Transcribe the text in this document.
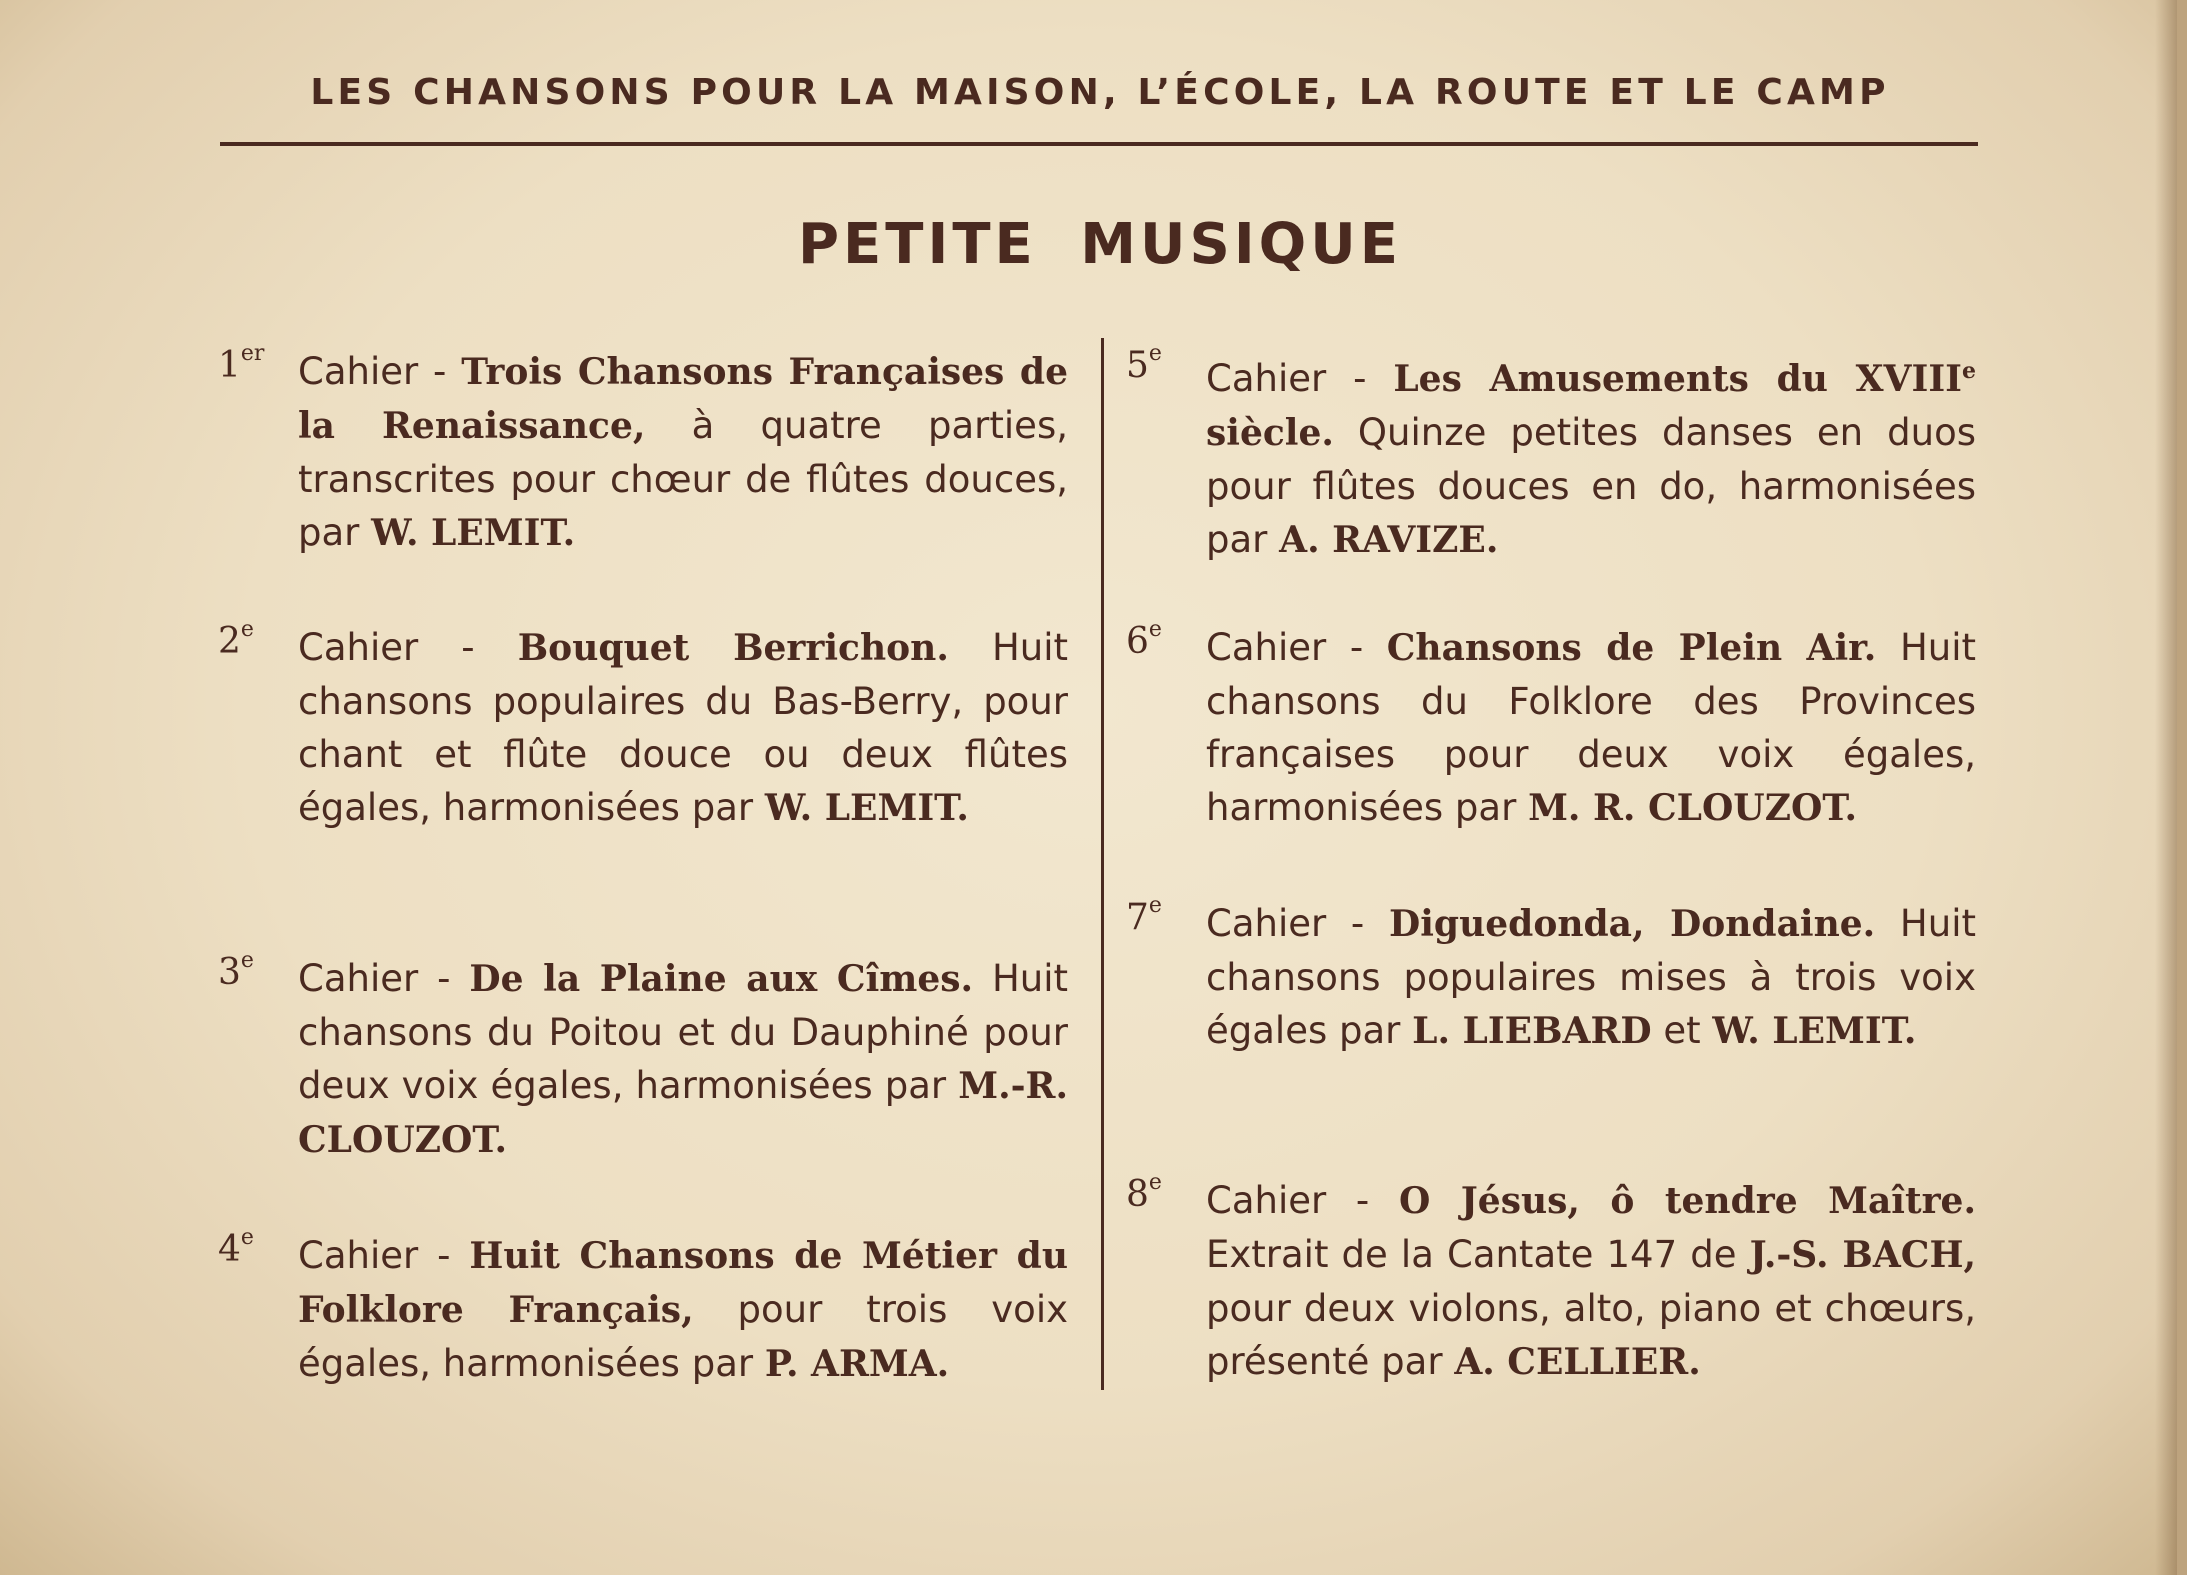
LES CHANSONS POUR LA MAISON, L’ÉCOLE, LA ROUTE ET LE CAMP
PETITE MUSIQUE
1er Cahier - Trois Chansons Françaises de la Renaissance, à quatre parties, transcrites pour chœur de flûtes douces, par W. LEMIT.
2e Cahier - Bouquet Berrichon. Huit chansons populaires du Bas-Berry, pour chant et flûte douce ou deux flûtes égales, harmonisées par W. LEMIT.
3e Cahier - De la Plaine aux Cîmes. Huit chansons du Poitou et du Dauphiné pour deux voix égales, harmonisées par M.-R. CLOUZOT.
4e Cahier - Huit Chansons de Métier du Folklore Français, pour trois voix égales, harmonisées par P. ARMA.
5e
Cahier - Les Amusements du XVIIIe siècle. Quinze petites danses en duos pour flûtes douces en do, harmonisées par A. RAVIZE.
6e Cahier - Chansons de Plein Air. Huit chansons du Folklore des Provinces françaises pour deux voix égales, harmonisées par M. R. CLOUZOT.
7e Cahier - Diguedonda, Dondaine. Huit chansons populaires mises à trois voix égales par L. LIEBARD et W. LEMIT.
8e Cahier - O Jésus, ô tendre Maître. Extrait de la Cantate 147 de J.-S. BACH, pour deux violons, alto, piano et chœurs, présenté par A. CELLIER.
